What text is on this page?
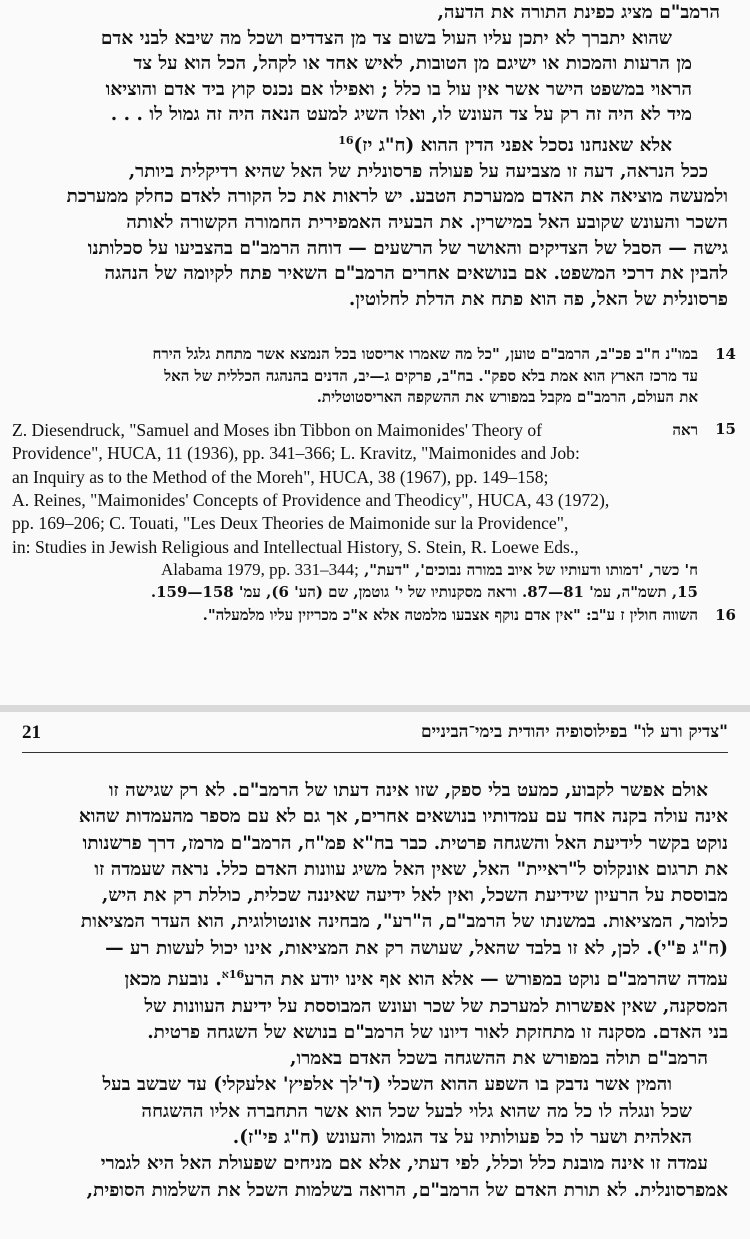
הרמב"ם מציג כפינת התורה את הדעה,

שהוא יתברך לא יתכן עליו העול בשום צד מן הצדדים ושכל מה שיבא לבני אדם

מן הרעות והמכות או ישיגם מן הטובות, לאיש אחד או לקהל, הכל הוא על צד

הראוי במשפט הישר אשר אין עול בו כלל ; ואפילו אם נכנס קוץ ביד אדם והוציאו

מיד לא היה זה רק על צד העונש לו, ואלו השיג למעט הנאה היה זה גמול לו . . .

אלא שאנחנו נסכל אפני הדין ההוא (ח"ג יז)$^{16}$

ככל הנראה, דעה זו מצביעה על פעולה פרסונלית של האל שהיא רדיקלית ביותר,

ולמעשה מוציאה את האדם ממערכת הטבע. יש לראות את כל הקורה לאדם כחלק ממערכת

השכר והעונש שקובע האל במישרין. את הבעיה האמפירית החמורה הקשורה לאותה

גישה — הסבל של הצדיקים והאושר של הרשעים — דוחה הרמב"ם בהצביעו על סכלותנו

להבין את דרכי המשפט. אם בנושאים אחרים הרמב"ם השאיר פתח לקיומה של הנהגה

פרסונלית של האל, פה הוא פתח את הדלת לחלוטין.

14
במו"נ ח"ב פכ"ב, הרמב"ם טוען, "כל מה שאמרו אריסטו בכל הנמצא אשר מתחת גלגל הירח
עד מרכז הארץ הוא אמת בלא ספק". בח"ב, פרקים ג—יב, הדנים בהנהגה הכללית של האל
את העולם, הרמב"ם מקבל במפורש את ההשקפה האריסטוטלית.
15
ראה
Z. Diesendruck, "Samuel and Moses ibn Tibbon on Maimonides' Theory of
Providence", HUCA, 11 (1936), pp. 341–366; L. Kravitz, "Maimonides and Job:
an Inquiry as to the Method of the Moreh", HUCA, 38 (1967), pp. 149–158;
A. Reines, "Maimonides' Concepts of Providence and Theodicy", HUCA, 43 (1972),
pp. 169–206; C. Touati, "Les Deux Theories de Maimonide sur la Providence",
in: Studies in Jewish Religious and Intellectual History, S. Stein, R. Loewe Eds.,
ח' כשר, 'דמותו ודעותיו של איוב במורה נבוכים', "דעת", Alabama 1979, pp. 331–344;
15, תשמ"ה, עמ' 81—87. וראה מסקנותיו של י' גוטמן, שם (הע' 6), עמ' 158—159.
16
השווה חולין ז ע"ב: "אין אדם נוקף אצבעו מלמטה אלא א"כ מכריזין עליו מלמעלה".
21	"צדיק ורע לו" בפילוסופיה יהודית בימי־הביניים

אולם אפשר לקבוע, כמעט בלי ספק, שזו אינה דעתו של הרמב"ם. לא רק שגישה זו

אינה עולה בקנה אחד עם עמדותיו בנושאים אחרים, אך גם לא עם מספר מהעמדות שהוא

נוקט בקשר לידיעת האל והשגחה פרטית. כבר בח"א פמ"ח, הרמב"ם מרמז, דרך פרשנותו

את תרגום אונקלוס ל"ראיית" האל, שאין האל משיג עוונות האדם כלל. נראה שעמדה זו

מבוססת על הרעיון שידיעת השכל, ואין לאל ידיעה שאיננה שכלית, כוללת רק את היש,

כלומר, המציאות. במשנתו של הרמב"ם, ה"רע", מבחינה אונטולוגית, הוא העדר המציאות

(ח"ג פ"י). לכן, לא זו בלבד שהאל, שעושה רק את המציאות, אינו יכול לעשות רע —

עמדה שהרמב"ם נוקט במפורש — אלא הוא אף אינו יודע את הרע$^{16א}$. נובעת מכאן

המסקנה, שאין אפשרות למערכת של שכר ועונש המבוססת על ידיעת העוונות של

בני האדם. מסקנה זו מתחזקת לאור דיונו של הרמב"ם בנושא של השגחה פרטית.

הרמב"ם תולה במפורש את ההשגחה בשכל האדם באמרו,

והמין אשר נדבק בו השפע ההוא השכלי (ד'לך אלפיץ' אלעקלי) עד שבשב בעל

שכל ונגלה לו כל מה שהוא גלוי לבעל שכל הוא אשר התחברה אליו ההשגחה

האלהית ושער לו כל פעולותיו על צד הגמול והעונש (ח"ג פי"ז).

עמדה זו אינה מובנת כלל וכלל, לפי דעתי, אלא אם מניחים שפעולת האל היא לגמרי

אמפרסונלית. לא תורת האדם של הרמב"ם, הרואה בשלמות השכל את השלמות הסופית,
